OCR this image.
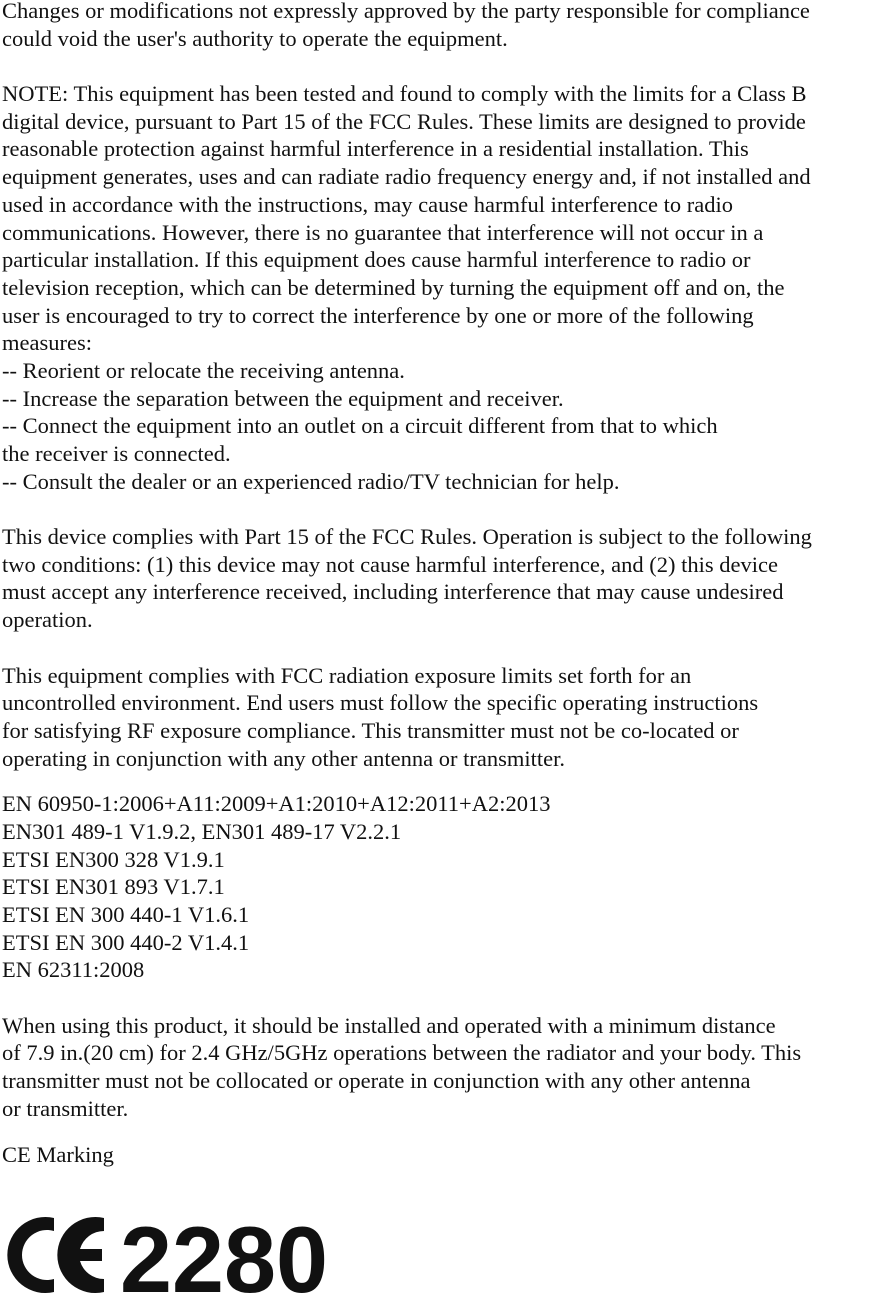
Changes or modifications not expressly approved by the party responsible for compliance
could void the user's authority to operate the equipment.
NOTE: This equipment has been tested and found to comply with the limits for a Class B
digital device, pursuant to Part 15 of the FCC Rules. These limits are designed to provide
reasonable protection against harmful interference in a residential installation. This
equipment generates, uses and can radiate radio frequency energy and, if not installed and
used in accordance with the instructions, may cause harmful interference to radio
communications. However, there is no guarantee that interference will not occur in a
particular installation. If this equipment does cause harmful interference to radio or
television reception, which can be determined by turning the equipment off and on, the
user is encouraged to try to correct the interference by one or more of the following
measures:
-- Reorient or relocate the receiving antenna.
-- Increase the separation between the equipment and receiver.
-- Connect the equipment into an outlet on a circuit different from that to which
the receiver is connected.
-- Consult the dealer or an experienced radio/TV technician for help.
This device complies with Part 15 of the FCC Rules. Operation is subject to the following
two conditions: (1) this device may not cause harmful interference, and (2) this device
must accept any interference received, including interference that may cause undesired
operation.
This equipment complies with FCC radiation exposure limits set forth for an
uncontrolled environment. End users must follow the specific operating instructions
for satisfying RF exposure compliance. This transmitter must not be co-located or
operating in conjunction with any other antenna or transmitter.
EN 60950-1:2006+A11:2009+A1:2010+A12:2011+A2:2013
EN301 489-1 V1.9.2, EN301 489-17 V2.2.1
ETSI EN300 328 V1.9.1
ETSI EN301 893 V1.7.1
ETSI EN 300 440-1 V1.6.1
ETSI EN 300 440-2 V1.4.1
EN 62311:2008
When using this product, it should be installed and operated with a minimum distance
of 7.9 in.(20 cm) for 2.4 GHz/5GHz operations between the radiator and your body. This
transmitter must not be collocated or operate in conjunction with any other antenna
or transmitter.
CE Marking
2280
